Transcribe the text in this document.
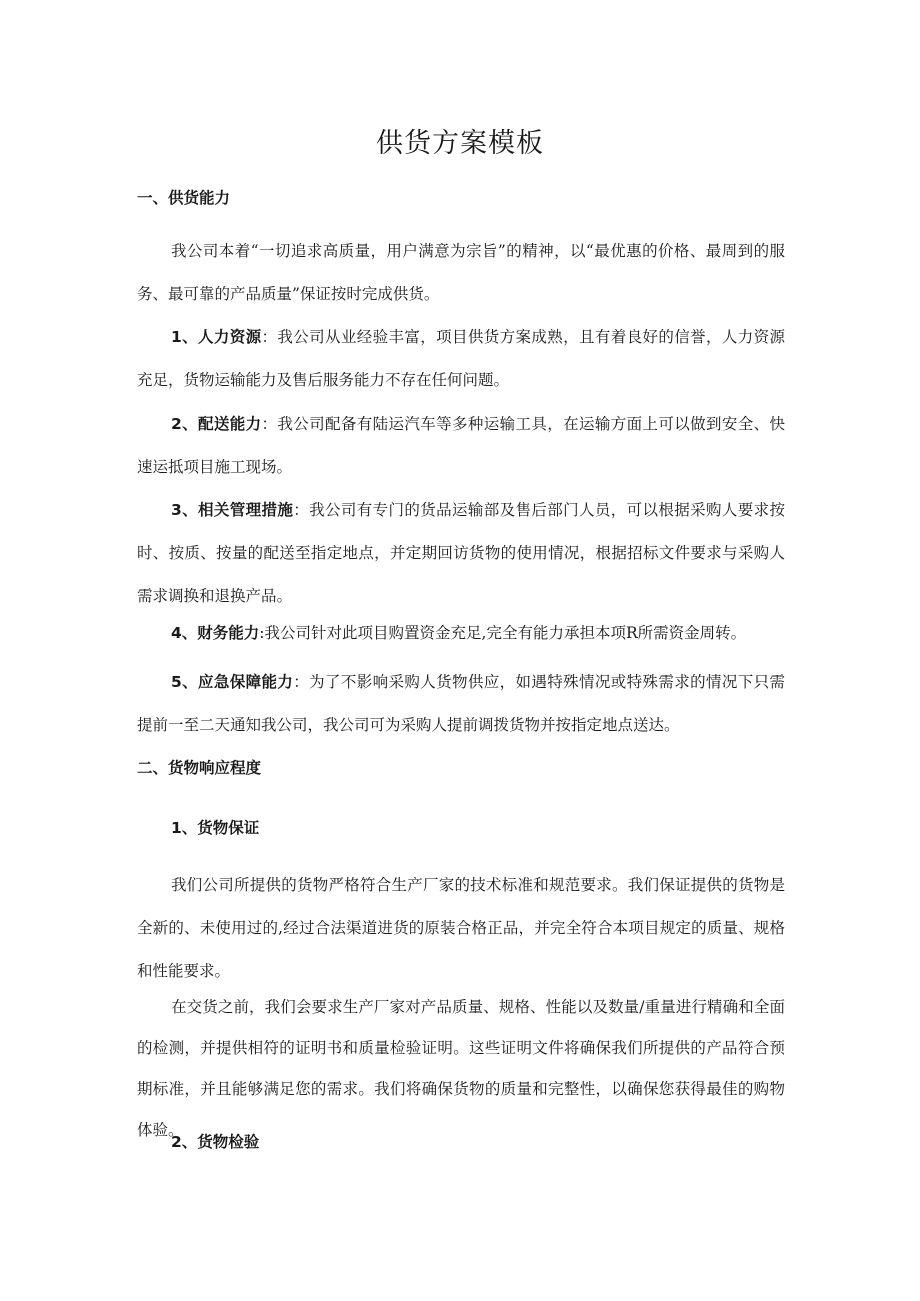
供货方案模板
一、供货能力

我公司本着“一切追求高质量，用户满意为宗旨”的精神，以“最优惠的价格、最周到的服务、最可靠的产品质量”保证按时完成供货。

1、人力资源：我公司从业经验丰富，项目供货方案成熟，且有着良好的信誉，人力资源充足，货物运输能力及售后服务能力不存在任何问题。

2、配送能力：我公司配备有陆运汽车等多种运输工具，在运输方面上可以做到安全、快速运抵项目施工现场。

3、相关管理措施：我公司有专门的货品运输部及售后部门人员，可以根据采购人要求按时、按质、按量的配送至指定地点，并定期回访货物的使用情况，根据招标文件要求与采购人需求调换和退换产品。

4、财务能力:我公司针对此项目购置资金充足,完全有能力承担本项R所需资金周转。

5、应急保障能力：为了不影响采购人货物供应，如遇特殊情况或特殊需求的情况下只需提前一至二天通知我公司，我公司可为采购人提前调拨货物并按指定地点送达。

二、货物响应程度
1、货物保证

我们公司所提供的货物严格符合生产厂家的技术标准和规范要求。我们保证提供的货物是全新的、未使用过的,经过合法渠道进货的原装合格正品，并完全符合本项目规定的质量、规格和性能要求。

在交货之前，我们会要求生产厂家对产品质量、规格、性能以及数量/重量进行精确和全面的检测，并提供相符的证明书和质量检验证明。这些证明文件将确保我们所提供的产品符合预期标准，并且能够满足您的需求。我们将确保货物的质量和完整性，以确保您获得最佳的购物体验。

2、货物检验
